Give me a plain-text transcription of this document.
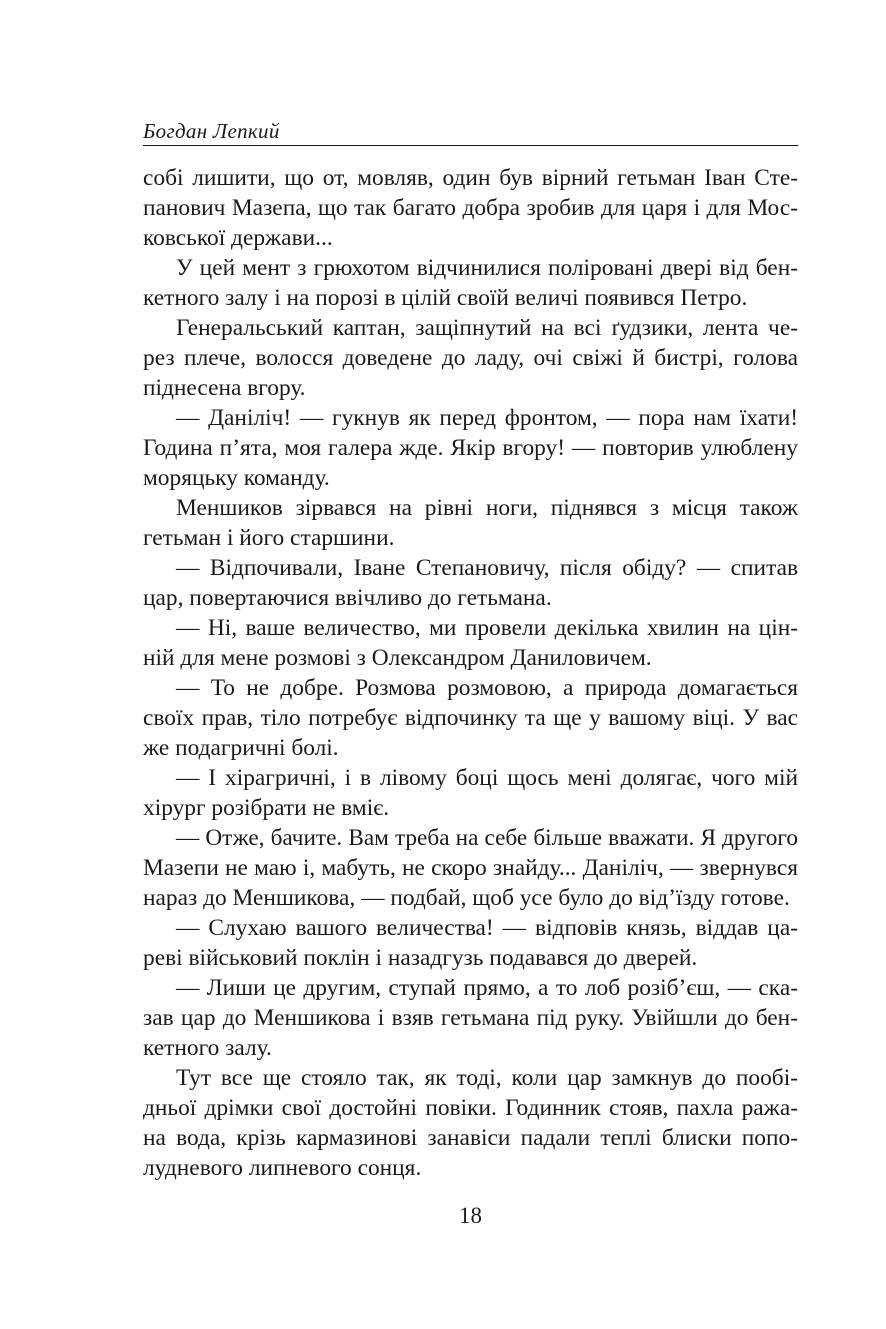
Богдан Лепкий
собі лишити, що от, мовляв, один був вірний гетьман Іван Сте-
панович Мазепа, що так багато добра зробив для царя і для Мос-
ковської держави...
У цей мент з грюхотом відчинилися поліровані двері від бен-
кетного залу і на порозі в цілій своїй величі появився Петро.
Генеральський каптан, защіпнутий на всі ґудзики, лента че-
рез плече, волосся доведене до ладу, очі свіжі й бистрі, голова
піднесена вгору.
— Даніліч! — гукнув як перед фронтом, — пора нам їхати!
Година п’ята, моя галера жде. Якір вгору! — повторив улюблену
моряцьку команду.
Меншиков зірвався на рівні ноги, піднявся з місця також
гетьман і його старшини.
— Відпочивали, Іване Степановичу, після обіду? — спитав
цар, повертаючися ввічливо до гетьмана.
— Ні, ваше величество, ми провели декілька хвилин на цін-
ній для мене розмові з Олександром Даниловичем.
— То не добре. Розмова розмовою, а природа домагається
своїх прав, тіло потребує відпочинку та ще у вашому віці. У вас
же подагричні болі.
— І хірагричні, і в лівому боці щось мені долягає, чого мій
хірург розібрати не вміє.
— Отже, бачите. Вам треба на себе більше вважати. Я другого
Мазепи не маю і, мабуть, не скоро знайду... Даніліч, — звернувся
нараз до Меншикова, — подбай, щоб усе було до від’їзду готове.
— Слухаю вашого величества! — відповів князь, віддав ца-
реві військовий поклін і назадгузь подавався до дверей.
— Лиши це другим, ступай прямо, а то лоб розіб’єш, — ска-
зав цар до Меншикова і взяв гетьмана під руку. Увійшли до бен-
кетного залу.
Тут все ще стояло так, як тоді, коли цар замкнув до пообі-
дньої дрімки свої достойні повіки. Годинник стояв, пахла ража-
на вода, крізь кармазинові занавіси падали теплі блиски попо-
лудневого липневого сонця.
18
